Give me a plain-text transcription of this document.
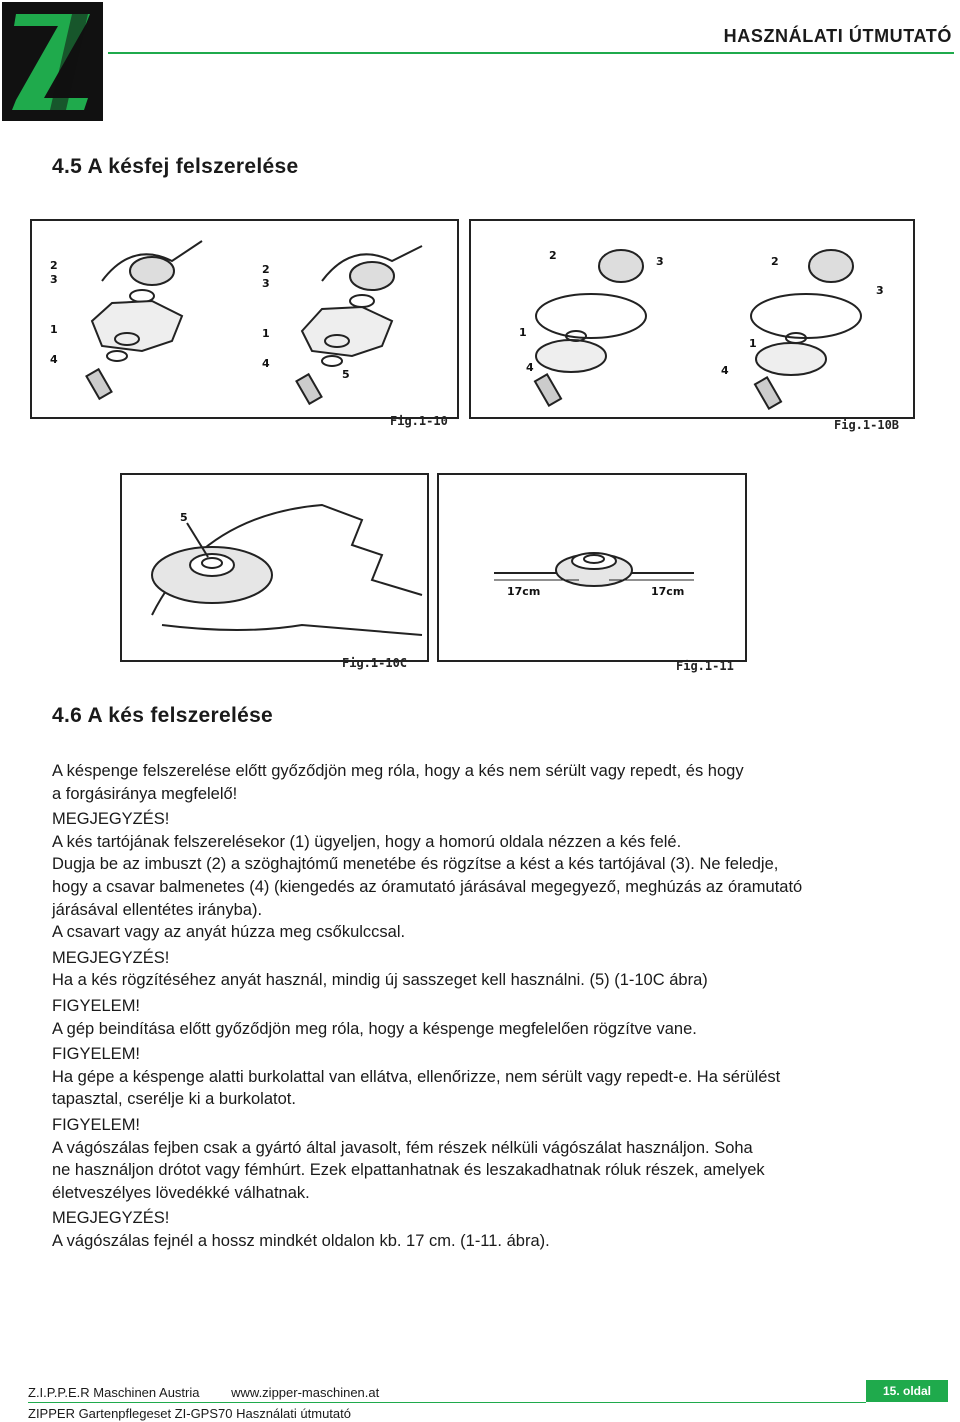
HASZNÁLATI ÚTMUTATÓ
4.5 A késfej felszerelése
2
3
1
4
2
3
1
4
5
Fig.1-10
2	3
1
4
2
3
1
4
Fig.1-10B
5
Fig.1-10C
17cm	17cm
Fig.1-11
4.6 A kés felszerelése

A késpenge felszerelése előtt győződjön meg róla, hogy a kés nem sérült vagy repedt, és hogy

a forgásiránya megfelelő!

MEGJEGYZÉS!

A kés tartójának felszerelésekor (1) ügyeljen, hogy a homorú oldala nézzen a kés felé.

Dugja be az imbuszt (2) a szöghajtómű menetébe és rögzítse a kést a kés tartójával (3). Ne feledje,

hogy a csavar balmenetes (4) (kiengedés az óramutató járásával megegyező, meghúzás az óramutató

járásával ellentétes irányba).

A csavart vagy az anyát húzza meg csőkulccsal.

MEGJEGYZÉS!

Ha a kés rögzítéséhez anyát használ, mindig új sasszeget kell használni. (5) (1-10C ábra)

FIGYELEM!

A gép beindítása előtt győződjön meg róla, hogy a késpenge megfelelően rögzítve vane.

FIGYELEM!

Ha gépe a késpenge alatti burkolattal van ellátva, ellenőrizze, nem sérült vagy repedt-e. Ha sérülést

tapasztal, cserélje ki a burkolatot.

FIGYELEM!

A vágószálas fejben csak a gyártó által javasolt, fém részek nélküli vágószálat használjon. Soha

ne használjon drótot vagy fémhúrt. Ezek elpattanhatnak és leszakadhatnak róluk részek, amelyek

életveszélyes lövedékké válhatnak.

MEGJEGYZÉS!

A vágószálas fejnél a hossz mindkét oldalon kb. 17 cm. (1-11. ábra).

Z.I.P.P.E.R Maschinen Austria www.zipper-maschinen.at	15. oldal
ZIPPER Gartenpflegeset ZI-GPS70 Használati útmutató
